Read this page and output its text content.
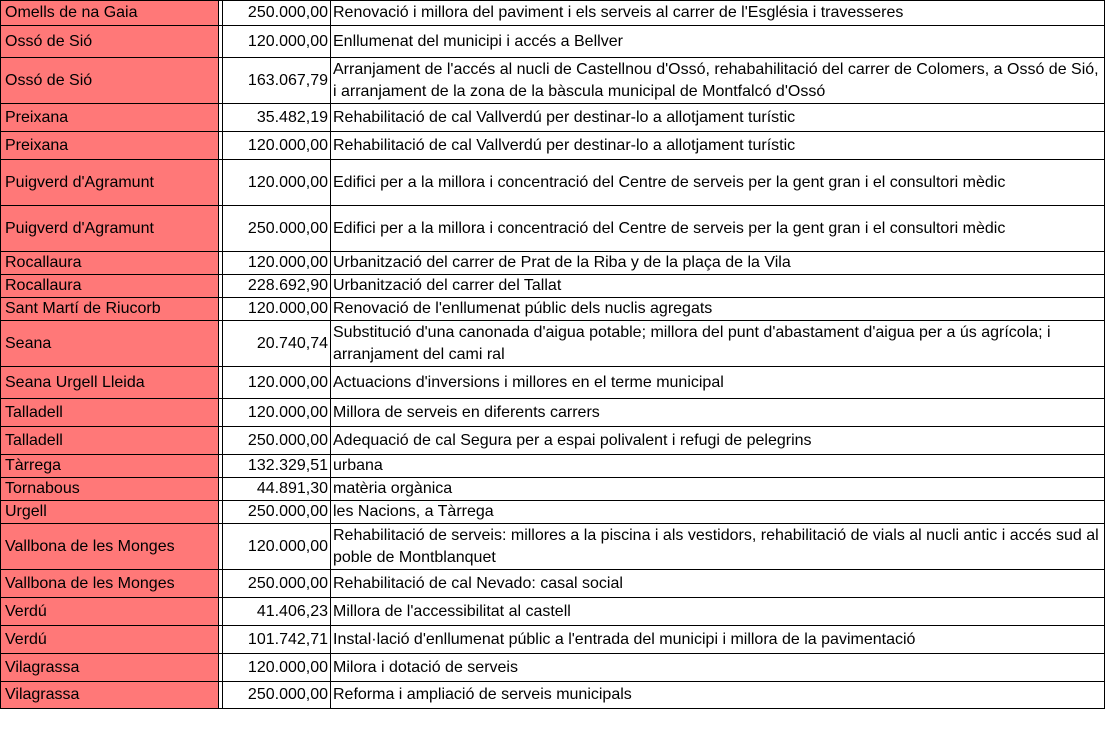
Omells de na Gaia		250.000,00	Renovació i millora del paviment i els serveis al carrer de l'Església i travesseres
Ossó de Sió		120.000,00	Enllumenat del municipi i accés a Bellver
Ossó de Sió		163.067,79	Arranjament de l'accés al nucli de Castellnou d'Ossó, rehabahilitació del carrer de Colomers, a Ossó de Sió, i arranjament de la zona de la bàscula municipal de Montfalcó d'Ossó
Preixana		35.482,19	Rehabilitació de cal Vallverdú per destinar-lo a allotjament turístic
Preixana		120.000,00	Rehabilitació de cal Vallverdú per destinar-lo a allotjament turístic
Puigverd d'Agramunt		120.000,00	Edifici per a la millora i concentració del Centre de serveis per la gent gran i el consultori mèdic
Puigverd d'Agramunt		250.000,00	Edifici per a la millora i concentració del Centre de serveis per la gent gran i el consultori mèdic
Rocallaura		120.000,00	Urbanització del carrer de Prat de la Riba y de la plaça de la Vila
Rocallaura		228.692,90	Urbanització del carrer del Tallat
Sant Martí de Riucorb		120.000,00	Renovació de l'enllumenat públic dels nuclis agregats
Seana		20.740,74	Substitució d'una canonada d'aigua potable; millora del punt d'abastament d'aigua per a ús agrícola; i arranjament del cami ral
Seana Urgell Lleida		120.000,00	Actuacions d'inversions i millores en el terme municipal
Talladell		120.000,00	Millora de serveis en diferents carrers
Talladell		250.000,00	Adequació de cal Segura per a espai polivalent i refugi de pelegrins
Tàrrega		132.329,51	urbana
Tornabous		44.891,30	matèria orgànica
Urgell		250.000,00	les Nacions, a Tàrrega
Vallbona de les Monges		120.000,00	Rehabilitació de serveis: millores a la piscina i als vestidors, rehabilitació de vials al nucli antic i accés sud al poble de Montblanquet
Vallbona de les Monges		250.000,00	Rehabilitació de cal Nevado: casal social
Verdú		41.406,23	Millora de l'accessibilitat al castell
Verdú		101.742,71	Instal·lació d'enllumenat públic a l'entrada del municipi i millora de la pavimentació
Vilagrassa		120.000,00	Milora i dotació de serveis
Vilagrassa		250.000,00	Reforma i ampliació de serveis municipals
